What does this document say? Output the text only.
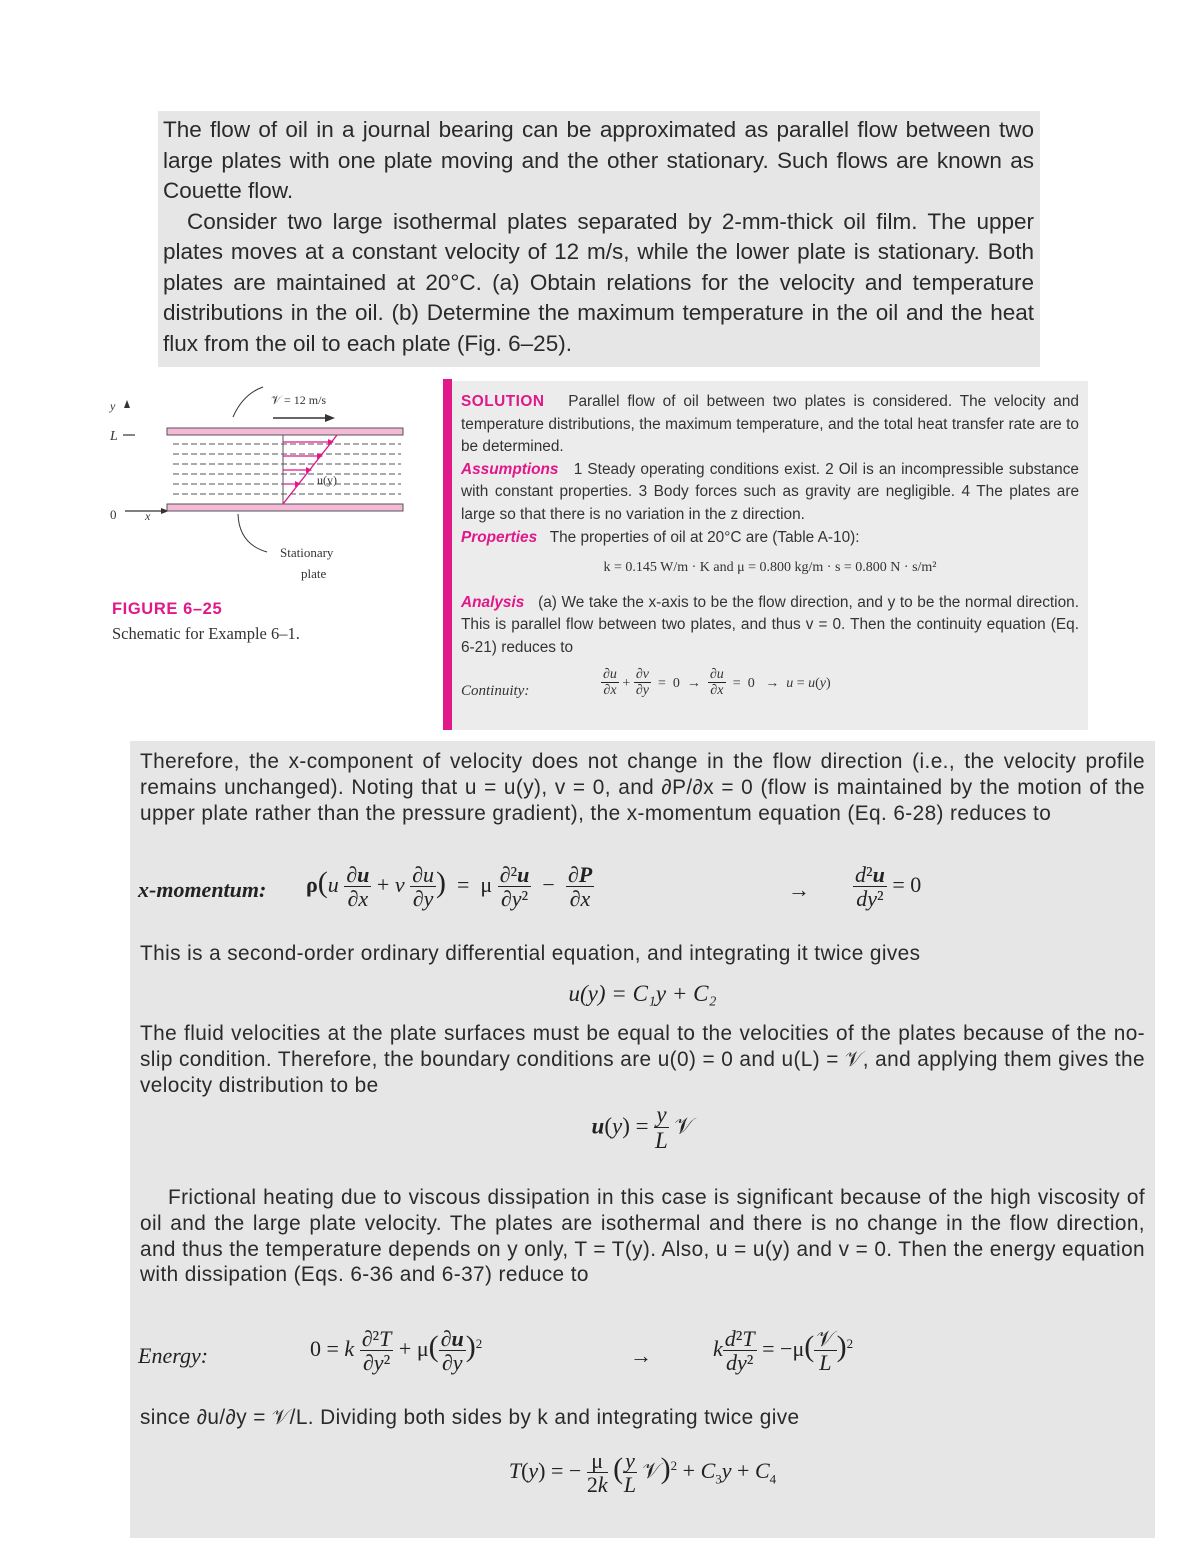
The flow of oil in a journal bearing can be approximated as parallel flow between two large plates with one plate moving and the other stationary. Such flows are known as Couette flow.

Consider two large isothermal plates separated by 2-mm-thick oil film. The upper plates moves at a constant velocity of 12 m/s, while the lower plate is stationary. Both plates are maintained at 20°C. (a) Obtain relations for the velocity and temperature distributions in the oil. (b) Determine the maximum temperature in the oil and the heat flux from the oil to each plate (Fig. 6–25).

y
L
0 x
u(y)
𝒱 = 12 m/s
Stationary
plate
FIGURE 6–25
Schematic for Example 6–1.
SOLUTION Parallel flow of oil between two plates is considered. The velocity and temperature distributions, the maximum temperature, and the total heat transfer rate are to be determined.
Assumptions 1 Steady operating conditions exist. 2 Oil is an incompressible substance with constant properties. 3 Body forces such as gravity are negligible. 4 The plates are large so that there is no variation in the z direction.
Properties The properties of oil at 20°C are (Table A-10):
k = 0.145 W/m · K and μ = 0.800 kg/m · s = 0.800 N · s/m²
Analysis (a) We take the x-axis to be the flow direction, and y to be the normal direction. This is parallel flow between two plates, and thus v = 0. Then the continuity equation (Eq. 6-21) reduces to
Continuity:	$\frac{\partial u}{\partial x} + \frac{\partial v}{\partial y} = 0 \to \frac{\partial u}{\partial x} = 0 \to u = u(y)$
Therefore, the x-component of velocity does not change in the flow direction (i.e., the velocity profile remains unchanged). Noting that u = u(y), v = 0, and ∂P/∂x = 0 (flow is maintained by the motion of the upper plate rather than the pressure gradient), the x-momentum equation (Eq. 6-28) reduces to
x-momentum: $\rho(u \frac{\partial u}{\partial x} + v \frac{\partial u}{\partial y}$ )  =  μ $\frac{\text{∂²u}}{\text{∂y²}} - \frac{\partial P}{\partial x}$	→ $\frac{\text{d²u}}{\text{dy²}} = 0$
This is a second-order ordinary differential equation, and integrating it twice gives
u(y) = C₁y + C₂
The fluid velocities at the plate surfaces must be equal to the velocities of the plates because of the no-slip condition. Therefore, the boundary conditions are u(0) = 0 and u(L) = 𝒱, and applying them gives the velocity distribution to be
$u(y) = \frac{y}{L}$ 𝒱
Frictional heating due to viscous dissipation in this case is significant because of the high viscosity of oil and the large plate velocity. The plates are isothermal and there is no change in the flow direction, and thus the temperature depends on y only, T = T(y). Also, u = u(y) and v = 0. Then the energy equation with dissipation (Eqs. 6-36 and 6-37) reduce to
Energy:	0 = k $\frac{\text{∂²T}}{\text{∂y²}} + \mu( \frac{\partial u}{\partial y} )^2$	→	k $\frac{\text{d²T}}{\text{dy²}} = -\mu( \frac{\text{𝒱}}{L} )^2$
since ∂u/∂y = 𝒱/L. Dividing both sides by k and integrating twice give
T(y) = − $\frac{\mu}{2k}$ ( $\frac{y}{L}$ 𝒱)$^2$ + $C_3y + C_4$
